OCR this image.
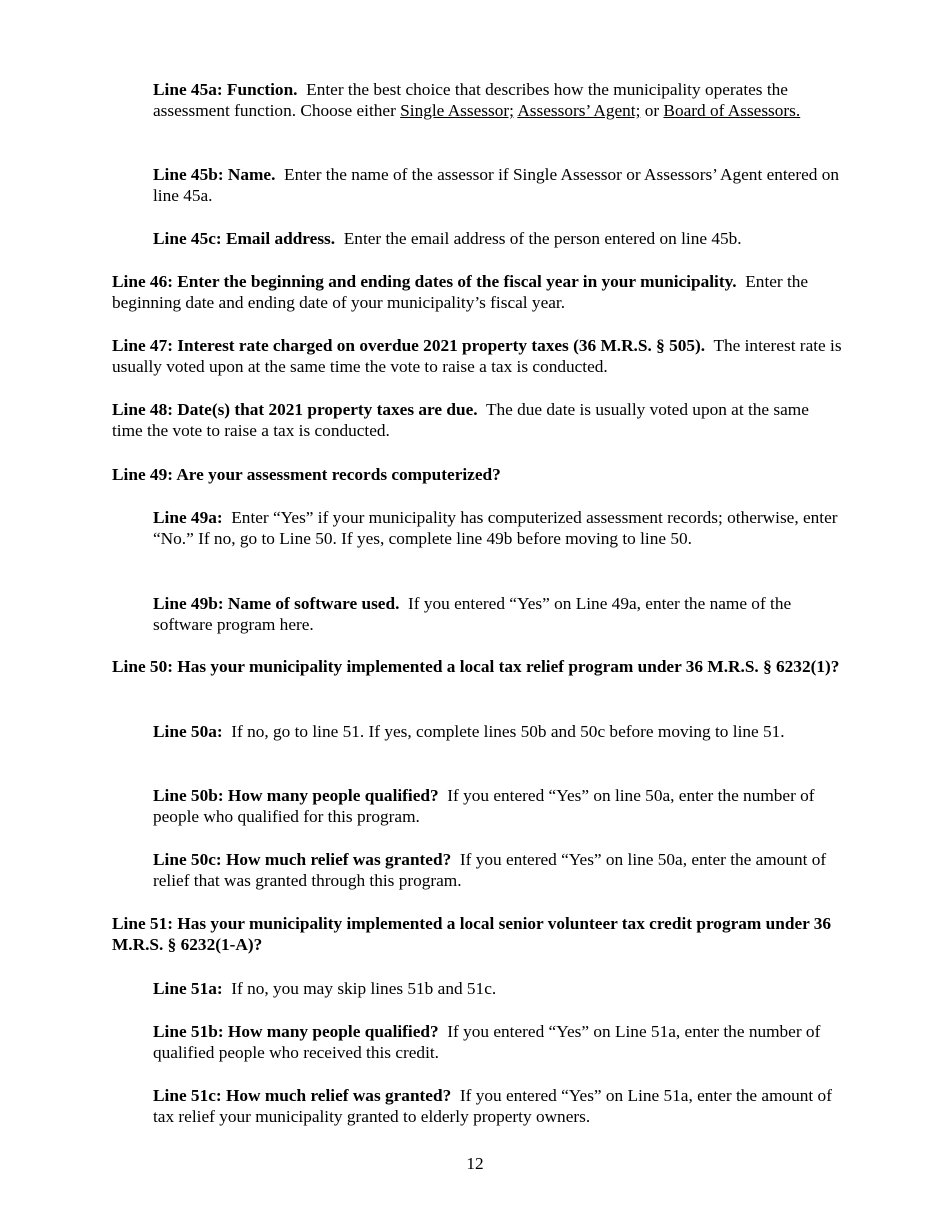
Line 45a: Function. Enter the best choice that describes how the municipality operates the assessment function. Choose either Single Assessor; Assessors’ Agent; or Board of Assessors.

Line 45b: Name. Enter the name of the assessor if Single Assessor or Assessors’ Agent entered on line 45a.

Line 45c: Email address. Enter the email address of the person entered on line 45b.

Line 46: Enter the beginning and ending dates of the fiscal year in your municipality. Enter the beginning date and ending date of your municipality’s fiscal year.

Line 47: Interest rate charged on overdue 2021 property taxes (36 M.R.S. § 505). The interest rate is usually voted upon at the same time the vote to raise a tax is conducted.

Line 48: Date(s) that 2021 property taxes are due. The due date is usually voted upon at the same time the vote to raise a tax is conducted.

Line 49: Are your assessment records computerized?

Line 49a: Enter “Yes” if your municipality has computerized assessment records; otherwise, enter “No.” If no, go to Line 50. If yes, complete line 49b before moving to line 50.

Line 49b: Name of software used. If you entered “Yes” on Line 49a, enter the name of the software program here.

Line 50: Has your municipality implemented a local tax relief program under 36 M.R.S. § 6232(1)?

Line 50a: If no, go to line 51. If yes, complete lines 50b and 50c before moving to line 51.

Line 50b: How many people qualified? If you entered “Yes” on line 50a, enter the number of people who qualified for this program.

Line 50c: How much relief was granted? If you entered “Yes” on line 50a, enter the amount of relief that was granted through this program.

Line 51: Has your municipality implemented a local senior volunteer tax credit program under 36 M.R.S. § 6232(1-A)?

Line 51a: If no, you may skip lines 51b and 51c.

Line 51b: How many people qualified? If you entered “Yes” on Line 51a, enter the number of qualified people who received this credit.

Line 51c: How much relief was granted? If you entered “Yes” on Line 51a, enter the amount of tax relief your municipality granted to elderly property owners.

12
